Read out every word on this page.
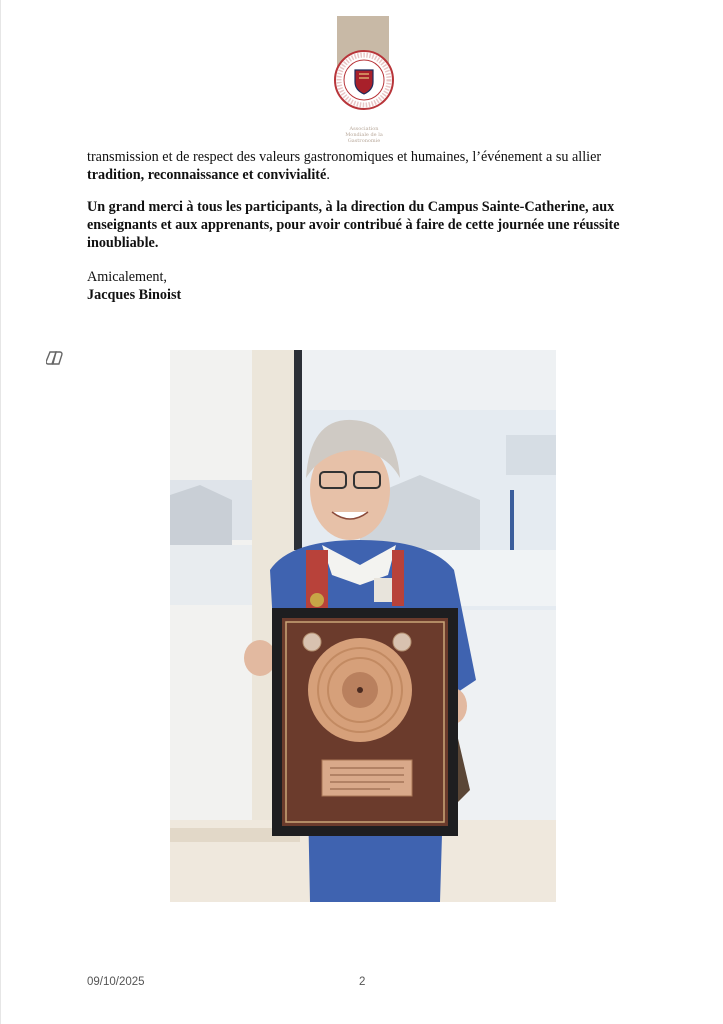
Association
Mondiale de la
Gastronomie
transmission et de respect des valeurs gastronomiques et humaines, l’événement a su allier tradition, reconnaissance et convivialité.
Un grand merci à tous les participants, à la direction du Campus Sainte-Catherine, aux enseignants et aux apprenants, pour avoir contribué à faire de cette journée une réussite inoubliable.
Amicalement,
Jacques Binoist
09/10/2025	2
